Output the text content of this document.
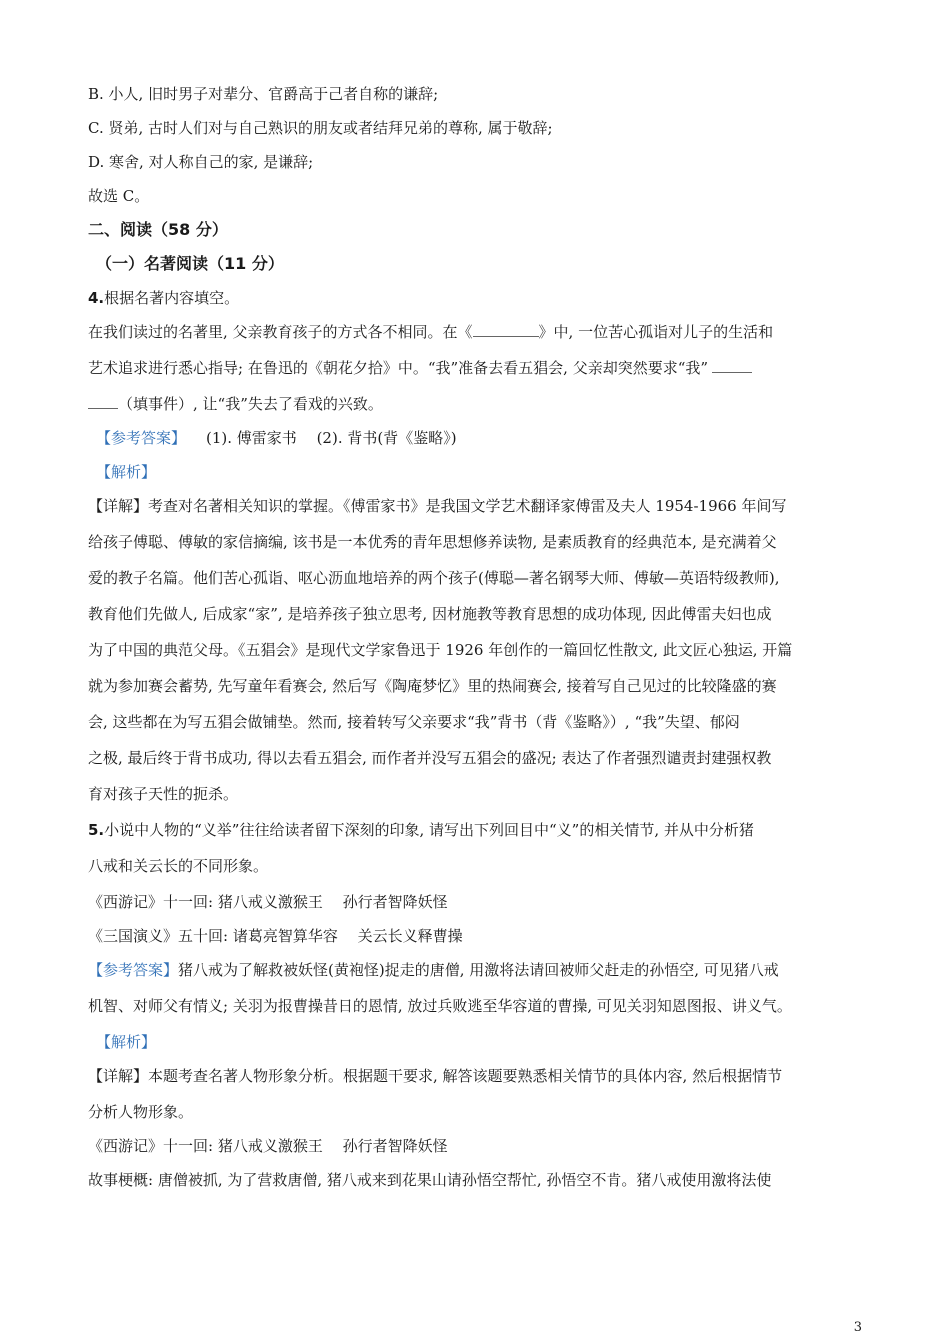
B. 小人, 旧时男子对辈分、官爵高于己者自称的谦辞;
C. 贤弟, 古时人们对与自己熟识的朋友或者结拜兄弟的尊称, 属于敬辞;
D. 寒舍, 对人称自己的家, 是谦辞;
故选 C。
二、阅读（58 分）
（一）名著阅读（11 分）
4.根据名著内容填空。
在我们读过的名著里, 父亲教育孩子的方式各不相同。在《	》中, 一位苦心孤诣对儿子的生活和
艺术追求进行悉心指导; 在鲁迅的《朝花夕拾》中。“我”准备去看五猖会, 父亲却突然要求“我”
（填事件）, 让“我”失去了看戏的兴致。
【参考答案】 (1). 傅雷家书　 (2). 背书(背《鉴略》)
【解析】
【详解】考查对名著相关知识的掌握。《傅雷家书》是我国文学艺术翻译家傅雷及夫人 1954-1966 年间写
给孩子傅聪、傅敏的家信摘编, 该书是一本优秀的青年思想修养读物, 是素质教育的经典范本, 是充满着父
爱的教子名篇。他们苦心孤诣、呕心沥血地培养的两个孩子(傅聪—著名钢琴大师、傅敏—英语特级教师),
教育他们先做人, 后成家“家”, 是培养孩子独立思考, 因材施教等教育思想的成功体现, 因此傅雷夫妇也成
为了中国的典范父母。《五猖会》是现代文学家鲁迅于 1926 年创作的一篇回忆性散文, 此文匠心独运, 开篇
就为参加赛会蓄势, 先写童年看赛会, 然后写《陶庵梦忆》里的热闹赛会, 接着写自己见过的比较隆盛的赛
会, 这些都在为写五猖会做铺垫。然而, 接着转写父亲要求“我”背书（背《鉴略》）, “我”失望、郁闷
之极, 最后终于背书成功, 得以去看五猖会, 而作者并没写五猖会的盛况; 表达了作者强烈谴责封建强权教
育对孩子天性的扼杀。
5.小说中人物的“义举”往往给读者留下深刻的印象, 请写出下列回目中“义”的相关情节, 并从中分析猪
八戒和关云长的不同形象。
《西游记》十一回: 猪八戒义激猴王　 孙行者智降妖怪
《三国演义》五十回: 诸葛亮智算华容　 关云长义释曹操
【参考答案】猪八戒为了解救被妖怪(黄袍怪)捉走的唐僧, 用激将法请回被师父赶走的孙悟空, 可见猪八戒
机智、对师父有情义; 关羽为报曹操昔日的恩情, 放过兵败逃至华容道的曹操, 可见关羽知恩图报、讲义气。
【解析】
【详解】本题考查名著人物形象分析。根据题干要求, 解答该题要熟悉相关情节的具体内容, 然后根据情节
分析人物形象。
《西游记》十一回: 猪八戒义激猴王　 孙行者智降妖怪
故事梗概: 唐僧被抓, 为了营救唐僧, 猪八戒来到花果山请孙悟空帮忙, 孙悟空不肯。猪八戒使用激将法使
3
